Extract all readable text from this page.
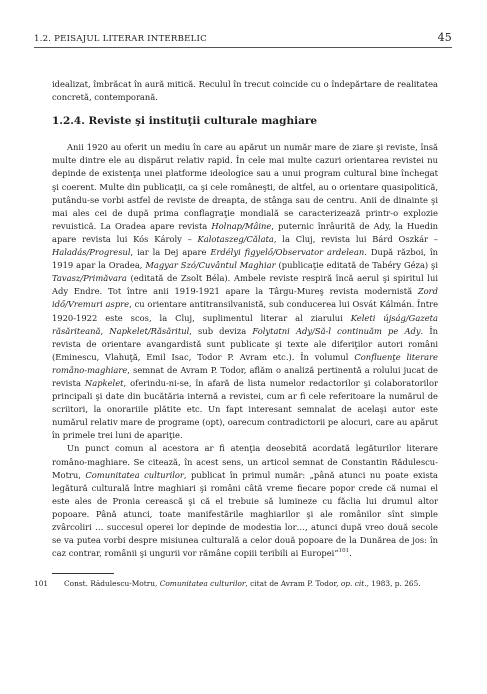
1.2. PEISAJUL LITERAR INTERBELIC	45

idealizat, îmbrăcat în aură mitică. Reculul în trecut coincide cu o îndepărtare de realitatea concretă, contemporană.

1.2.4. Reviste şi instituţii culturale maghiare

Anii 1920 au oferit un mediu în care au apărut un număr mare de ziare şi reviste, însă multe dintre ele au dispărut relativ rapid. În cele mai multe cazuri orientarea revistei nu depinde de existenţa unei platforme ideologice sau a unui program cultural bine închegat şi coerent. Multe din publicaţii, ca şi cele româneşti, de altfel, au o orientare quasipolitică, putându-se vorbi astfel de reviste de dreapta, de stânga sau de centru. Anii de dinainte şi mai ales cei de după prima conflagraţie mondială se caracterizează printr-o explozie revuistică. La Oradea apare revista Holnap/Mâine, puternic înrâurită de Ady, la Huedin apare revista lui Kós Károly – Kalotaszeg/Călata, la Cluj, revista lui Bárd Oszkár – Haladás/Progresul, iar la Dej apare Erdélyi figyelő/Observator ardelean. După război, în 1919 apar la Oradea, Magyar Szó/Cuvântul Maghiar (publicaţie editată de Tabéry Géza) şi Tavasz/Primăvara (editată de Zsolt Béla). Ambele reviste respiră încă aerul şi spiritul lui Ady Endre. Tot între anii 1919-1921 apare la Târgu-Mureş revista modernistă Zord idő/Vremuri aspre, cu orientare antitransilvanistă, sub conducerea lui Osvát Kálmán. Între 1920-1922 este scos, la Cluj, suplimentul literar al ziarului Keleti újság/Gazeta răsăriteană, Napkelet/Răsăritul, sub deviza Folytatni Ady/Să-l continuăm pe Ady. În revista de orientare avangardistă sunt publicate şi texte ale diferiţilor autori români (Eminescu, Vlahuţă, Emil Isac, Todor P. Avram etc.). În volumul Confluenţe literare româno-maghiare, semnat de Avram P. Todor, aflăm o analiză pertinentă a rolului jucat de revista Napkelet, oferindu-ni-se, în afară de lista numelor redactorilor şi colaboratorilor principali şi date din bucătăria internă a revistei, cum ar fi cele referitoare la numărul de scriitori, la onorariile plătite etc. Un fapt interesant semnalat de acelaşi autor este numărul relativ mare de programe (opt), oarecum contradictorii pe alocuri, care au apărut în primele trei luni de apariţie.

Un punct comun al acestora ar fi atenţia deosebită acordată legăturilor literare româno-maghiare. Se citează, în acest sens, un articol semnat de Constantin Rădulescu-Motru, Comunitatea culturilor, publicat în primul număr: „până atunci nu poate exista legătură culturală între maghiari şi români câtă vreme fiecare popor crede că numai el este ales de Pronia cerească şi că el trebuie să lumineze cu făclia lui drumul altor popoare. Până atunci, toate manifestările maghiarilor şi ale românilor sînt simple zvârcoliri … succesul operei lor depinde de modestia lor…, atunci după vreo două secole se va putea vorbi despre misiunea culturală a celor două popoare de la Dunărea de jos: în caz contrar, românii şi ungurii vor rămâne copiii teribili ai Europei”$^{101}$.

101 Const. Rădulescu-Motru, Comunitatea culturilor, citat de Avram P. Todor, op. cit., 1983, p. 265.
